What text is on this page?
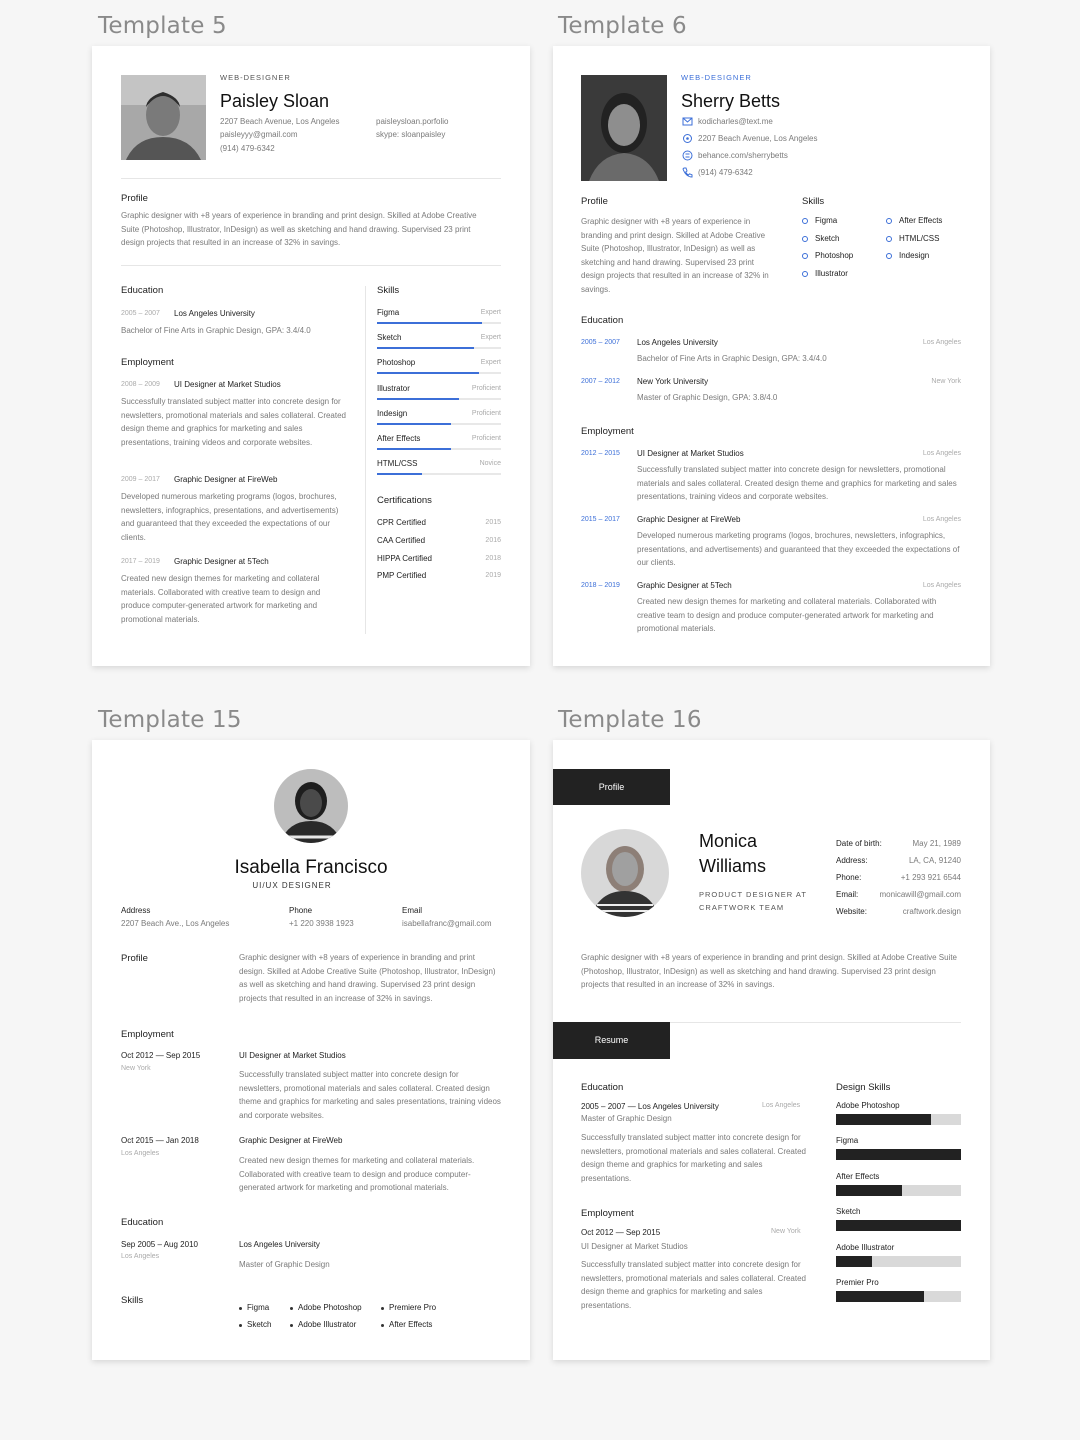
Template 5	Template 6
Template 15	Template 16
WEB-DESIGNER
Paisley Sloan
2207 Beach Avenue, Los Angeles	paisleysloan.porfolio
paisleyyy@gmail.com	skype: sloanpaisley
(914) 479-6342
Profile
Graphic designer with +8 years of experience in branding and print design. Skilled at Adobe Creative Suite (Photoshop, Illustrator, InDesign) as well as sketching and hand drawing. Supervised 23 print design projects that resulted in an increase of 32% in savings.
Education
2005 – 2007 Los Angeles University
Bachelor of Fine Arts in Graphic Design, GPA: 3.4/4.0
Employment
2008 – 2009 UI Designer at Market Studios
Successfully translated subject matter into concrete design for newsletters, promotional materials and sales collateral. Created design theme and graphics for marketing and sales presentations, training videos and corporate websites.
2009 – 2017 Graphic Designer at FireWeb
Developed numerous marketing programs (logos, brochures, newsletters, infographics, presentations, and advertisements) and guaranteed that they exceeded the expectations of our clients.
2017 – 2019 Graphic Designer at 5Tech
Created new design themes for marketing and collateral materials. Collaborated with creative team to design and produce computer-generated artwork for marketing and promotional materials.
Skills
Figma	Expert
Sketch	Expert
Photoshop	Expert
Illustrator	Proficient
Indesign	Proficient
After Effects	Proficient
HTML/CSS	Novice
Certifications
CPR Certified	2015
CAA Certified	2016
HIPPA Certified	2018
PMP Certified	2019
WEB-DESIGNER
Sherry Betts
kodicharles@text.me
2207 Beach Avenue, Los Angeles
behance.com/sherrybetts
(914) 479-6342
Profile
Graphic designer with +8 years of experience in branding and print design. Skilled at Adobe Creative Suite (Photoshop, Illustrator, InDesign) as well as sketching and hand drawing. Supervised 23 print design projects that resulted in an increase of 32% in savings.
Skills
Figma	After Effects
Sketch	HTML/CSS
Photoshop	Indesign
Illustrator
Education
2005 – 2007 Los Angeles University	Los Angeles
Bachelor of Fine Arts in Graphic Design, GPA: 3.4/4.0
2007 – 2012 New York University	New York
Master of Graphic Design, GPA: 3.8/4.0
Employment
2012 – 2015 UI Designer at Market Studios	Los Angeles
Successfully translated subject matter into concrete design for newsletters, promotional materials and sales collateral. Created design theme and graphics for marketing and sales presentations, training videos and corporate websites.
2015 – 2017 Graphic Designer at FireWeb	Los Angeles
Developed numerous marketing programs (logos, brochures, newsletters, infographics, presentations, and advertisements) and guaranteed that they exceeded the expectations of our clients.
2018 – 2019 Graphic Designer at 5Tech	Los Angeles
Created new design themes for marketing and collateral materials. Collaborated with creative team to design and produce computer-generated artwork for marketing and promotional materials.
Isabella Francisco
UI/UX DESIGNER
Address
2207 Beach Ave., Los Angeles
Phone
+1 220 3938 1923
Email
isabellafranc@gmail.com
Profile	Graphic designer with +8 years of experience in branding and print design. Skilled at Adobe Creative Suite (Photoshop, Illustrator, InDesign) as well as sketching and hand drawing. Supervised 23 print design projects that resulted in an increase of 32% in savings.
Employment
Oct 2012 — Sep 2015
New York
UI Designer at Market Studios
Successfully translated subject matter into concrete design for newsletters, promotional materials and sales collateral. Created design theme and graphics for marketing and sales presentations, training videos and corporate websites.
Oct 2015 — Jan 2018
Los Angeles
Graphic Designer at FireWeb
Created new design themes for marketing and collateral materials. Collaborated with creative team to design and produce computer-generated artwork for marketing and promotional materials.
Education
Sep 2005 – Aug 2010
Los Angeles
Los Angeles University
Master of Graphic Design
Skills
Figma	Adobe Photoshop	Premiere Pro
Sketch	Adobe Illustrator	After Effects
Profile
Monica
Williams
PRODUCT DESIGNER AT
CRAFTWORK TEAM
Date of birth:	May 21, 1989
Address:	LA, CA, 91240
Phone:	+1 293 921 6544
Email:	monicawill@gmail.com
Website:	craftwork.design
Graphic designer with +8 years of experience in branding and print design. Skilled at Adobe Creative Suite (Photoshop, Illustrator, InDesign) as well as sketching and hand drawing. Supervised 23 print design projects that resulted in an increase of 32% in savings.
Resume
Education
2005 – 2007 — Los Angeles University	Los Angeles
Master of Graphic Design
Successfully translated subject matter into concrete design for newsletters, promotional materials and sales collateral. Created design theme and graphics for marketing and sales presentations.
Employment
Oct 2012 — Sep 2015	New York
UI Designer at Market Studios
Successfully translated subject matter into concrete design for newsletters, promotional materials and sales collateral. Created design theme and graphics for marketing and sales presentations.
Design Skills
Adobe Photoshop
Figma
After Effects
Sketch
Adobe Illustrator
Premier Pro
